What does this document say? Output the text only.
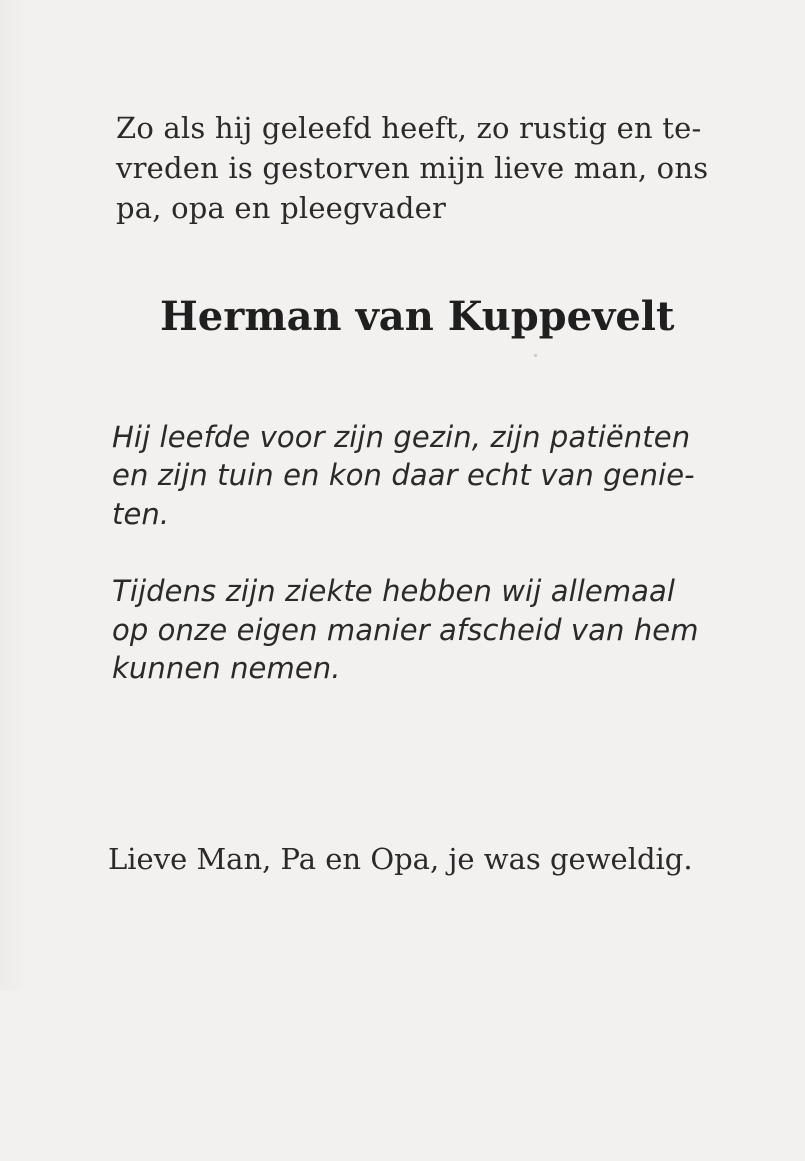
Zo als hij geleefd heeft, zo rustig en te-

vreden is gestorven mijn lieve man, ons

pa, opa en pleegvader

Herman van Kuppevelt

Hij leefde voor zijn gezin, zijn patiënten

en zijn tuin en kon daar echt van genie-

ten.

Tijdens zijn ziekte hebben wij allemaal

op onze eigen manier afscheid van hem

kunnen nemen.

Lieve Man, Pa en Opa, je was geweldig.
